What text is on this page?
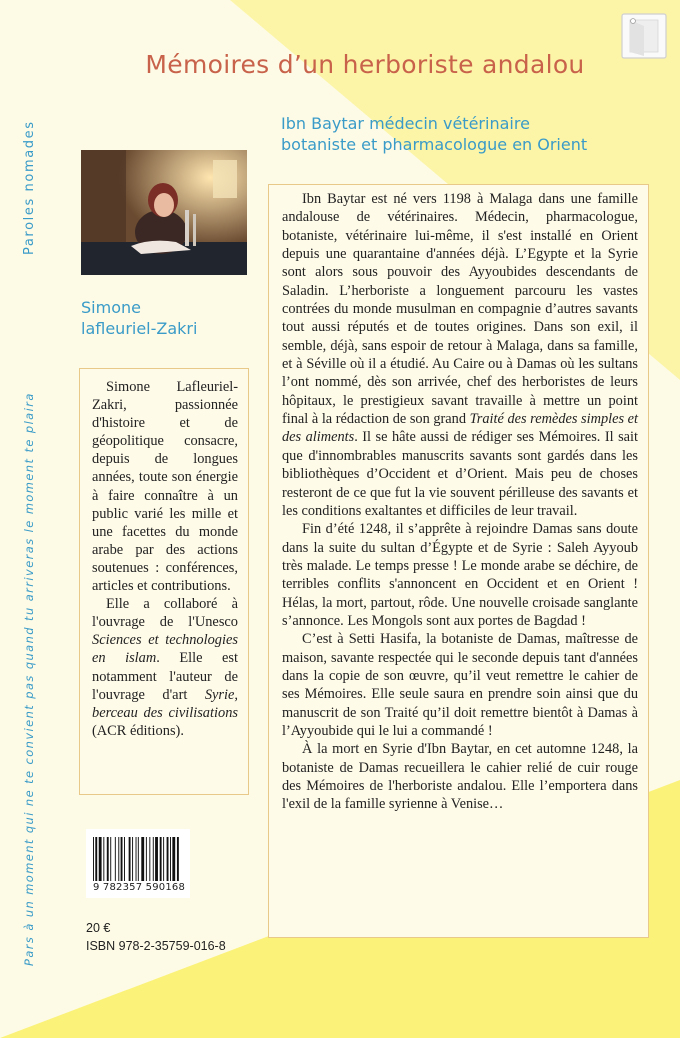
Mémoires d’un herboriste andalou
Ibn Baytar médecin vétérinaire
botaniste et pharmacologue en Orient
Paroles nomades
Pars à un moment qui ne te convient pas quand tu arriveras le moment te plaira
Simone
lafleuriel-Zakri

Simone Lafleuriel-Zakri, passionnée d'histoire et de géopolitique consacre, depuis de longues années, toute son énergie à faire connaître à un public varié les mille et une facettes du monde arabe par des actions soutenues : conférences, articles et contributions.

Elle a collaboré à l'ouvrage de l'Unesco Sciences et technologies en islam. Elle est notamment l'auteur de l'ouvrage d'art Syrie, berceau des civilisations (ACR éditions).

Ibn Baytar est né vers 1198 à Malaga dans une famille andalouse de vétérinaires. Médecin, pharmacologue, botaniste, vétérinaire lui-même, il s'est installé en Orient depuis une quarantaine d'années déjà. L’Egypte et la Syrie sont alors sous pouvoir des Ayyoubides descendants de Saladin. L’herboriste a longuement parcouru les vastes contrées du monde musulman en compagnie d’autres savants tout aussi réputés et de toutes origines. Dans son exil, il semble, déjà, sans espoir de retour à Malaga, dans sa famille, et à Séville où il a étudié. Au Caire ou à Damas où les sultans l’ont nommé, dès son arrivée, chef des herboristes de leurs hôpitaux, le prestigieux savant travaille à mettre un point final à la rédaction de son grand Traité des remèdes simples et des aliments. Il se hâte aussi de rédiger ses Mémoires. Il sait que d'innombrables manuscrits savants sont gardés dans les bibliothèques d’Occident et d’Orient. Mais peu de choses resteront de ce que fut la vie souvent périlleuse des savants et les conditions exaltantes et difficiles de leur travail.

Fin d’été 1248, il s’apprête à rejoindre Damas sans doute dans la suite du sultan d’Égypte et de Syrie : Saleh Ayyoub très malade. Le temps presse ! Le monde arabe se déchire, de terribles conflits s'annoncent en Occident et en Orient ! Hélas, la mort, partout, rôde. Une nouvelle croisade sanglante s’annonce. Les Mongols sont aux portes de Bagdad !

C’est à Setti Hasifa, la botaniste de Damas, maîtresse de maison, savante respectée qui le seconde depuis tant d'années dans la copie de son œuvre, qu’il veut remettre le cahier de ses Mémoires. Elle seule saura en prendre soin ainsi que du manuscrit de son Traité qu’il doit remettre bientôt à Damas à l’Ayyoubide qui le lui a commandé !

À la mort en Syrie d'Ibn Baytar, en cet automne 1248, la botaniste de Damas recueillera le cahier relié de cuir rouge des Mémoires de l'herboriste andalou. Elle l’emportera dans l'exil de la famille syrienne à Venise…

9 782357 590168
20 €
ISBN 978-2-35759-016-8
